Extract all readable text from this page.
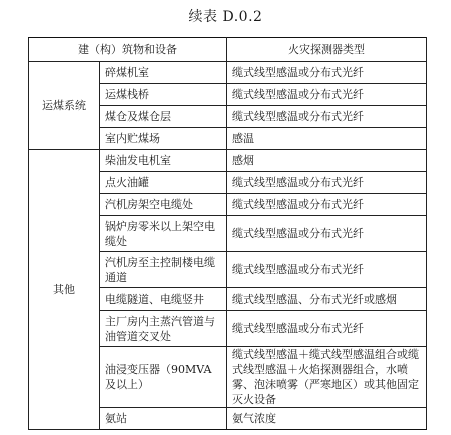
续表 D.0.2
建（构）筑物和设备		火灾探测器类型
运煤系统	碎煤机室	缆式线型感温或分布式光纤
	运煤栈桥	缆式线型感温或分布式光纤
	煤仓及煤仓层	缆式线型感温或分布式光纤
	室内贮煤场	感温
其他	柴油发电机室	感烟
	点火油罐	缆式线型感温或分布式光纤
	汽机房架空电缆处	缆式线型感温或分布式光纤
	锅炉房零米以上架空电缆处	缆式线型感温或分布式光纤
	汽机房至主控制楼电缆通道	缆式线型感温或分布式光纤
	电缆隧道、电缆竖井	缆式线型感温、分布式光纤或感烟
	主厂房内主蒸汽管道与油管道交叉处	缆式线型感温或分布式光纤
	油浸变压器（90MVA及以上）	缆式线型感温＋缆式线型感温组合或缆式线型感温＋火焰探测器组合，水喷雾、泡沫喷雾（严寒地区）或其他固定灭火设备
	氨站	氨气浓度
